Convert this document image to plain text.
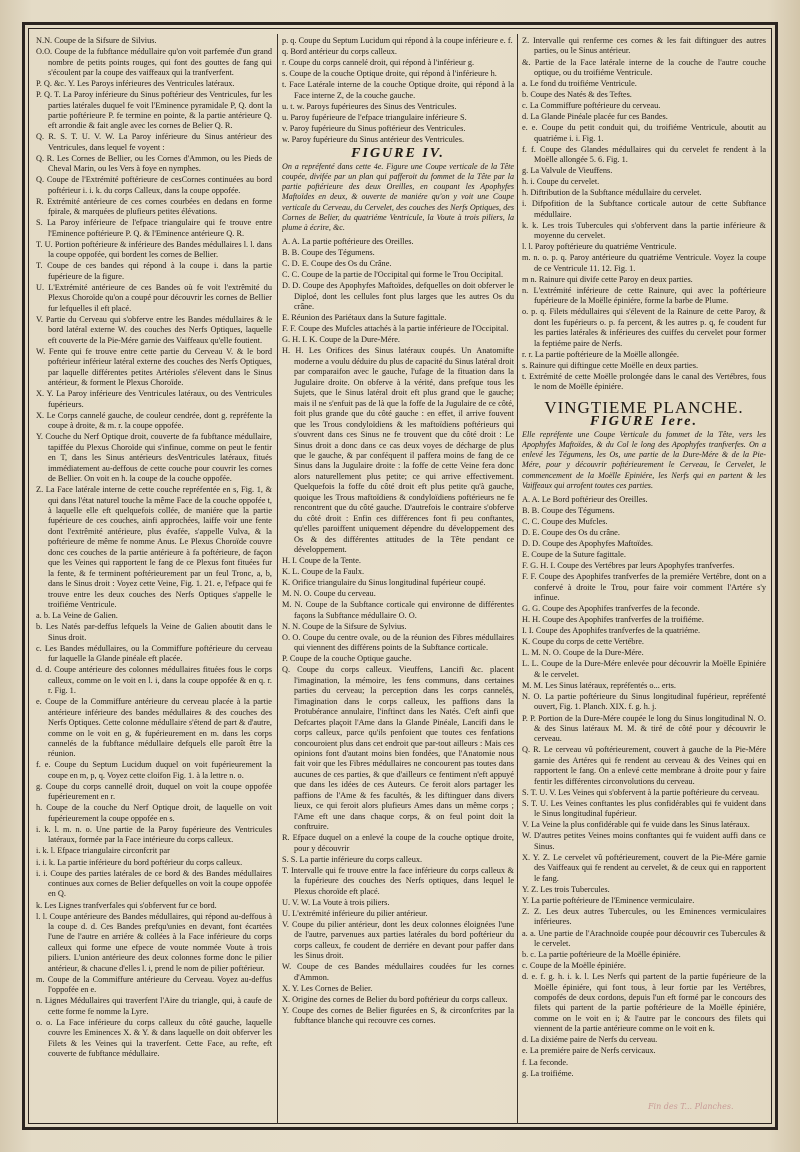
N.N. Coupe de la Sifsure de Silvius.
O.O. Coupe de la fubftance médullaire qu'on voit parfemée d'un grand nombre de petits points rouges, qui font des gouttes de fang qui s'écoulent par la coupe des vaiffeaux qui la tranfverfent.
P. Q. &c. Y. Les Paroys inférieures des Ventricules latéraux.
P. Q. T. La Paroy inférieure du Sinus poftérieur des Ventricules, fur les parties latérales duquel fe voit l'Eminence pyramidale P, Q. dont la partie poftérieure P. fe termine en pointe, & la partie antérieure Q. eft arrondie & fait angle avec les cornes de Belier Q. R.
Q. R. S. T. U. V. W. La Paroy inférieure du Sinus antérieur des Ventricules, dans lequel fe voyent :
Q. R. Les Cornes de Bellier, ou les Cornes d'Ammon, ou les Pieds de Cheval Marin, ou les Vers à foye en nymphes.
Q. Coupe de l'Extrémité poftérieure de cesCornes continuées au bord poftérieur i. i. k. du corps Calleux, dans la coupe oppofée.
R. Extrémité antérieure de ces cornes courbées en dedans en forme fpirale, & marquées de plufieurs petites élévations.
S. La Paroy inférieure de l'efpace triangulaire qui fe trouve entre l'Eminence poftérieure P. Q. & l'Eminence antérieure Q. R.
T. U. Portion poftérieure & inférieure des Bandes médullaires l. l. dans la coupe oppofée, qui bordent les cornes de Bellier.
T. Coupe de ces bandes qui répond à la coupe i. dans la partie fupérieure de la figure.
U. L'Extrémité antérieure de ces Bandes où fe voit l'extrêmité du Plexus Choroïde qu'on a coupé pour découvrir les cornes de Bellier fur lefquelles il eft placé.
V. Partie du Cerveau qui s'obferve entre les Bandes médullaires & le bord latéral externe W. des couches des Nerfs Optiques, laquelle eft couverte de la Pie-Mére garnie des Vaiffeaux qu'elle foutient.
W. Fente qui fe trouve entre cette partie du Cerveau V. & le bord poftérieur inférieur latéral externe des couches des Nerfs Optiques, par laquelle différentes petites Artérioles s'élevent dans le Sinus antérieur, & forment le Plexus Choroïde.
X. Y. La Paroy inférieure des Ventricules latéraux, ou des Ventricules fupérieurs.
X. Le Corps cannelé gauche, de couleur cendrée, dont g. repréfente la coupe à droite, & m. r. la coupe oppofée.
Y. Couche du Nerf Optique droit, couverte de fa fubftance médullaire, tapiffée du Plexus Choroïde qui s'infinue, comme on peut le fentir en T, dans les Sinus antérieurs desVentricules latéraux, fitués immédiatement au-deffous de cette couche pour couvrir les cornes de Bellier. On voit en h. la coupe de la couche oppofée.
Z. La Face latérale interne de cette couche repréfentée en s, Fig. 1, & qui dans l'état naturel touche la même Face de la couche oppofée t, à laquelle elle eft quelquefois collée, de maniére que la partie fupérieure de ces couches, ainfi approchées, laiffe voir une fente dont l'extrêmité antérieure, plus évafée, s'appelle Vulva, & la poftérieure de même fe nomme Anus. Le Plexus Choroïde couvre donc ces couches de la partie antérieure à fa poftérieure, de façon que les Veines qui rapportent le fang de ce Plexus font fituées fur la fente, & fe terminent poftérieurement par un feul Tronc, a, b, dans le Sinus droit : Voyez cette Veine, Fig. 1. 21. e, l'efpace qui fe trouve entre les deux couches des Nerfs Optiques s'appelle le troifiéme Ventricule.
a. b. La Veine de Galien.
b. Les Natés par-deffus lefquels la Veine de Galien aboutit dans le Sinus droit.
c. Les Bandes médullaires, ou la Commiffure poftérieure du cerveau fur laquelle la Glande pinéale eft placée.
d. d. Coupe antérieure des colonnes médullaires fituées fous le corps calleux, comme on le voit en l. i, dans la coupe oppofée & en q. r. r. Fig. 1.
e. Coupe de la Commiffure antérieure du cerveau placée à la partie antérieure inférieure des bandes médullaires & des couches des Nerfs Optiques. Cette colonne médullaire s'étend de part & d'autre, comme on le voit en g, & fupérieurement en m. dans les corps cannelés de la fubftance médullaire defquels elle paroît être la réunion.
f. e. Coupe du Septum Lucidum duquel on voit fupérieurement la coupe en m, p, q. Voyez cette cloifon Fig. 1. à la lettre n. o.
g. Coupe du corps cannellé droit, duquel on voit la coupe oppofée fupérieurement en r.
h. Coupe de la couche du Nerf Optique droit, de laquelle on voit fupérieurement la coupe oppofée en s.
i. k. l. m. n. o. Une partie de la Paroy fupérieure des Ventricules latéraux, formée par la Face intérieure du corps calleux.
i. k. l. Efpace triangulaire circonfcrit par
i. i. k. La partie inférieure du bord poftérieur du corps calleux.
i. i. Coupe des parties latérales de ce bord & des Bandes médullaires continues aux cornes de Belier defquelles on voit la coupe oppofée en Q.
k. Les Lignes tranfverfales qui s'obfervent fur ce bord.
l. l. Coupe antérieure des Bandes médullaires, qui répond au-deffous à la coupe d. d. Ces Bandes prefqu'unies en devant, font écartées l'une de l'autre en arriére & collées à la Face inférieure du corps calleux qui forme une efpece de voute nommée Voute à trois piliers. L'union antérieure des deux colonnes forme donc le pilier antérieur, & chacune d'elles l. i, prend le nom de pilier poftérieur.
m. Coupe de la Commiffure antérieure du Cerveau. Voyez au-deffus l'oppofée en e.
n. Lignes Médullaires qui traverfent l'Aire du triangle, qui, à caufe de cette forme fe nomme la Lyre.
o. o. La Face inférieure du corps calleux du côté gauche, laquelle couvre les Eminences X. & Y. & dans laquelle on doit obferver les Filets & les Veines qui la traverfent. Cette Face, au refte, eft couverte de fubftance médullaire.
p. q. Coupe du Septum Lucidum qui répond à la coupe inférieure e. f.
q. Bord antérieur du corps calleux.
r. Coupe du corps cannelé droit, qui répond à l'inférieur g.
s. Coupe de la couche Optique droite, qui répond à l'inférieure h.
t. Face Latérale interne de la couche Optique droite, qui répond à la Face interne Z, de la couche gauche.
u. t. w. Paroys fupérieures des Sinus des Ventricules.
u. Paroy fupérieure de l'efpace triangulaire inférieure S.
v. Paroy fupérieure du Sinus poftérieur des Ventricules.
w. Paroy fupérieure du Sinus antérieur des Ventricules.
FIGURE IV.
On a repréfenté dans cette 4e. Figure une Coupe verticale de la Tête coupée, divifée par un plan qui pafferoit du fommet de la Tête par la partie poftérieure des deux Oreilles, en coupant les Apophyfes Maftoïdes en deux, & ouverte de maniére qu'on y voit une Coupe verticale du Cerveau, du Cervelet, des couches des Nerfs Optiques, des Cornes de Belier, du quatriéme Ventricule, la Voute à trois piliers, la plume à écrire, &c.
A. A. La partie poftérieure des Oreilles.
B. B. Coupe des Tégumens.
C. D. E. Coupe des Os du Crâne.
C. C. Coupe de la partie de l'Occipital qui forme le Trou Occipital.
D. D. Coupe des Apophyfes Maftoïdes, defquelles on doit obferver le Diploé, dont les cellules font plus larges que les autres Os du crâne.
E. Réunion des Pariétaux dans la Suture fagittale.
F. F. Coupe des Mufcles attachés à la partie inférieure de l'Occipital.
G. H. I. K. Coupe de la Dure-Mére.
H. H. Les Orifices des Sinus latéraux coupés. Un Anatomifte moderne a voulu déduire du plus de capacité du Sinus latéral droit par comparaifon avec le gauche, l'ufage de la fituation dans la Jugulaire droite. On obferve à la vérité, dans prefque tous les Sujets, que le Sinus latéral droit eft plus grand que le gauche; mais il ne s'enfuit pas de là que la foffe de la Jugulaire de ce côté, foit plus grande que du côté gauche : en effet, il arrive fouvent que les Trous condyloïdiens & les maftoïdiens poftérieurs qui s'ouvrent dans ces Sinus ne fe trouvent que du côté droit : Le Sinus droit a donc dans ce cas deux voyes de décharge de plus que le gauche, & par conféquent il paffera moins de fang de ce Sinus dans la Jugulaire droite : la foffe de cette Veine fera donc alors naturellement plus petite; ce qui arrive effectivement. Quelquefois la foffe du côté droit eft plus petite qu'à gauche, quoique les Trous maftoïdiens & condyloïdiens poftérieurs ne fe rencontrent que du côté gauche. D'autrefois le contraire s'obferve du côté droit : Enfin ces différences font fi peu conftantes, qu'elles paroiffent uniquement dépendre du développement des Os & des différentes attitudes de la Tête pendant ce développement.
H. I. Coupe de la Tente.
K. L. Coupe de la Faulx.
K. Orifice triangulaire du Sinus longitudinal fupérieur coupé.
M. N. O. Coupe du cerveau.
M. N. Coupe de la Subftance corticale qui environne de différentes façons la Subftance médullaire O. O.
N. N. Coupe de la Sifsure de Sylvius.
O. O. Coupe du centre ovale, ou de la réunion des Fibres médullaires qui viennent des différens points de la Subftance corticale.
P. Coupe de la couche Optique gauche.
Q. Coupe du corps calleux. Vieuffens, Lancifi &c. placent l'imagination, la mémoire, les fens communs, dans certaines parties du cerveau; la perception dans les corps cannelés, l'imagination dans le corps calleux, les paffions dans la Protubérance annulaire, l'inftinct dans les Natés. C'eft ainfi que Defcartes plaçoit l'Ame dans la Glande Pinéale, Lancifi dans le corps calleux, parce qu'ils penfoient que toutes ces fenfations concouroient plus dans cet endroit que par-tout ailleurs : Mais ces opinions font d'autant moins bien fondées, que l'Anatomie nous fait voir que les Fibres médullaires ne concourent pas toutes dans aucunes de ces parties, & que d'ailleurs ce fentiment n'eft appuyé que dans les idées de ces Auteurs. Ce feroit alors partager les paffions de l'Ame & fes facultés, & les diftinguer dans divers lieux, ce qui feroit alors plufieurs Ames dans un même corps ; l'Ame eft une dans chaque corps, & on feul point doit la conftruire.
R. Efpace duquel on a enlevé la coupe de la couche optique droite, pour y découvrir
S. S. La partie inférieure du corps calleux.
T. Intervalle qui fe trouve entre la face inférieure du corps calleux & la fupérieure des couches des Nerfs optiques, dans lequel le Plexus choroïde eft placé.
U. V. W. La Voute à trois piliers.
U. L'extrémité inférieure du pilier antérieur.
V. Coupe du pilier antérieur, dont les deux colonnes éloignées l'une de l'autre, parvenues aux parties latérales du bord poftérieur du corps calleux, fe coudent de derriére en devant pour paffer dans les Sinus droit.
W. Coupe de ces Bandes médullaires coudées fur les cornes d'Ammon.
X. Y. Les Cornes de Belier.
X. Origine des cornes de Belier du bord poftérieur du corps calleux.
Y. Coupe des cornes de Belier figurées en S, & circonfcrites par la fubftance blanche qui recouvre ces cornes.
Z. Intervalle qui renferme ces cornes & les fait diftinguer des autres parties, ou le Sinus antérieur.
&. Partie de la Face latérale interne de la couche de l'autre couche optique, ou du troifiéme Ventricule.
a. Le fond du troifiéme Ventricule.
b. Coupe des Natés & des Teftes.
c. La Commiffure poftérieure du cerveau.
d. La Glande Pinéale placée fur ces Bandes.
e. e. Coupe du petit conduit qui, du troifiéme Ventricule, aboutit au quatriéme i. i. Fig. 1.
f. f. Coupe des Glandes médullaires qui du cervelet fe rendent à la Moëlle allongée 5. 6. Fig. 1.
g. La Valvule de Vieuffens.
h. i. Coupe du cervelet.
h. Diftribution de la Subftance médullaire du cervelet.
i. Difpofition de la Subftance corticale autour de cette Subftance médullaire.
k. k. Les trois Tubercules qui s'obfervent dans la partie inférieure & moyenne du cervelet.
l. l. Paroy poftérieure du quatriéme Ventricule.
m. n. o. p. q. Paroy antérieure du quatriéme Ventricule. Voyez la coupe de ce Ventricule 11. 12. Fig. 1.
m n. Rainure qui divife cette Paroy en deux parties.
n. L'extrémité inférieure de cette Rainure, qui avec la poftérieure fupérieure de la Moëlle épiniére, forme la barbe de Plume.
o. p. q. Filets médullaires qui s'élevent de la Rainure de cette Paroy, & dont les fupérieurs o. p. fa percent, & les autres p. q, fe coudent fur les parties latérales & inférieures des cuiffes du cervelet pour former la feptiéme paire de Nerfs.
r. r. La partie poftérieure de la Moëlle allongée.
s. Rainure qui diftingue cette Moëlle en deux parties.
t. Extrémité de cette Moëlle prolongée dans le canal des Vertébres, fous le nom de Moëlle épiniére.
VINGTIEME PLANCHE.
FIGURE Iere.
Elle repréfente une Coupe Verticale du fommet de la Tête, vers les Apophyfes Maftoïdes, & du Col le long des Apophyfes tranfverfes. On a enlevé les Tégumens, les Os, une partie de la Dure-Mére & de la Pie-Mére, pour y découvrir poftérieurement le Cerveau, le Cervelet, le commencement de la Moëlle Epiniére, les Nerfs qui en partent & les Vaiffeaux qui arrofent toutes ces parties.
A. A. Le Bord poftérieur des Oreilles.
B. B. Coupe des Tégumens.
C. C. Coupe des Mufcles.
D. E. Coupe des Os du crâne.
D. D. Coupe des Apophyfes Maftoïdes.
E. Coupe de la Suture fagittale.
F. G. H. I. Coupe des Vertébres par leurs Apophyfes tranfverfes.
F. F. Coupe des Apophifes tranfverfes de la premiére Vertébre, dont on a confervé à droite le Trou, pour faire voir comment l'Artére s'y infinue.
G. G. Coupe des Apophifes tranfverfes de la feconde.
H. H. Coupe des Apophifes tranfverfes de la troifiéme.
I. I. Coupe des Apophifes tranfverfes de la quatriéme.
K. Coupe du corps de cette Vertébre.
L. M. N. O. Coupe de la Dure-Mére.
L. L. Coupe de la Dure-Mére enlevée pour découvrir la Moëlle Epiniére & le cervelet.
M. M. Les Sinus latéraux, repréfentés o... erts.
N. O. La partie poftérieure du Sinus longitudinal fupérieur, repréfenté ouvert, Fig. 1. Planch. XIX. f. g. h. j.
P. P. Portion de la Dure-Mére coupée le long du Sinus longitudinal N. O. & des Sinus latéraux M. M. & tiré de côté pour y découvrir le cerveau.
Q. R. Le cerveau vû poftérieurement, couvert à gauche de la Pie-Mére garnie des Artéres qui fe rendent au cerveau & des Veines qui en rapportent le fang. On a enlevé cette membrane à droite pour y faire fentir les différentes circonvolutions du cerveau.
S. T. U. V. Les Veines qui s'obfervent à la partie poftérieure du cerveau.
S. T. U. Les Veines conftantes les plus confidérables qui fe vuident dans le Sinus longitudinal fupérieur.
V. La Veine la plus confidérable qui fe vuide dans les Sinus latéraux.
W. D'autres petites Veines moins conftantes qui fe vuident auffi dans ce Sinus.
X. Y. Z. Le cervelet vû poftérieurement, couvert de la Pie-Mére garnie des Vaiffeaux qui fe rendent au cervelet, & de ceux qui en rapportent le fang.
Y. Z. Les trois Tubercules.
Y. La partie poftérieure de l'Eminence vermiculaire.
Z. Z. Les deux autres Tubercules, ou les Eminences vermiculaires inférieures.
a. a. Une partie de l'Arachnoïde coupée pour découvrir ces Tubercules & le cervelet.
b. c. La partie poftérieure de la Moëlle épiniére.
c. Coupe de la Moëlle épiniére.
d. e. f. g. h. i. k. l. Les Nerfs qui partent de la partie fupérieure de la Moëlle épiniére, qui font tous, à leur fortie par les Vertébres, compofés de deux cordons, depuis l'un eft formé par le concours des filets qui partent de la partie poftérieure de la Moëlle épiniére, comme on le voit en i; & l'autre par le concours des filets qui viennent de la partie antérieure comme on le voit en k.
d. La dixiéme paire de Nerfs du cerveau.
e. La premiére paire de Nerfs cervicaux.
f. La feconde.
g. La troifiéme.
Fin des T... Planches.
